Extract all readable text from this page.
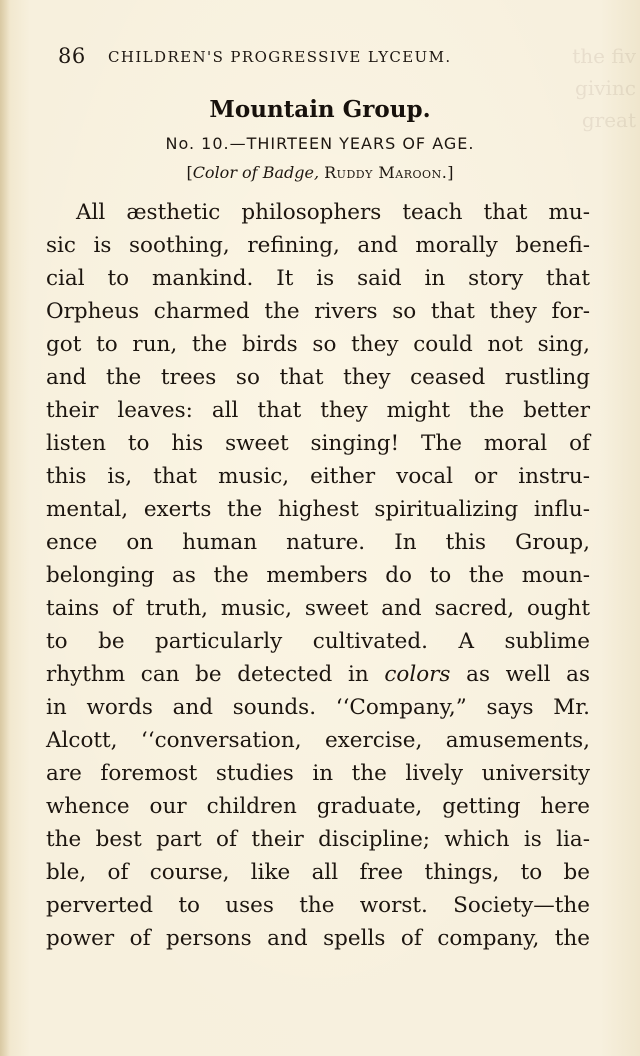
the fiv
givinc
great
86 CHILDREN'S PROGRESSIVE LYCEUM.
Mountain Group.
No. 10.—THIRTEEN YEARS OF AGE.
[Color of Badge, Ruddy Maroon.]
All æsthetic philosophers teach that mu-
sic is soothing, refining, and morally benefi-
cial to mankind. It is said in story that
Orpheus charmed the rivers so that they for-
got to run, the birds so they could not sing,
and the trees so that they ceased rustling
their leaves: all that they might the better
listen to his sweet singing! The moral of
this is, that music, either vocal or instru-
mental, exerts the highest spiritualizing influ-
ence on human nature. In this Group,
belonging as the members do to the moun-
tains of truth, music, sweet and sacred, ought
to be particularly cultivated. A sublime
rhythm can be detected in colors as well as
in words and sounds. ‘‘Company,” says Mr.
Alcott, ‘‘conversation, exercise, amusements,
are foremost studies in the lively university
whence our children graduate, getting here
the best part of their discipline; which is lia-
ble, of course, like all free things, to be
perverted to uses the worst. Society—the
power of persons and spells of company, the
